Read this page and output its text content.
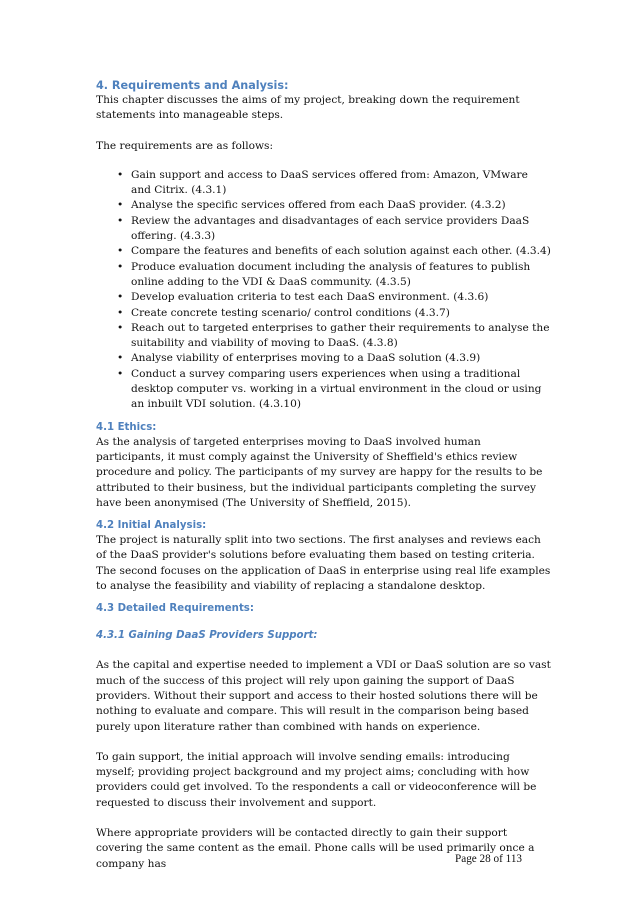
4. Requirements and Analysis:

This chapter discusses the aims of my project, breaking down the requirement statements into manageable steps.

The requirements are as follows:

• Gain support and access to DaaS services offered from: Amazon, VMware and Citrix. (4.3.1)
• Analyse the specific services offered from each DaaS provider. (4.3.2)
• Review the advantages and disadvantages of each service providers DaaS offering. (4.3.3)
• Compare the features and benefits of each solution against each other. (4.3.4)
• Produce evaluation document including the analysis of features to publish online adding to the VDI & DaaS community. (4.3.5)
• Develop evaluation criteria to test each DaaS environment. (4.3.6)
• Create concrete testing scenario/ control conditions (4.3.7)
• Reach out to targeted enterprises to gather their requirements to analyse the suitability and viability of moving to DaaS. (4.3.8)
• Analyse viability of enterprises moving to a DaaS solution (4.3.9)
• Conduct a survey comparing users experiences when using a traditional desktop computer vs. working in a virtual environment in the cloud or using an inbuilt VDI solution. (4.3.10)
4.1 Ethics:

As the analysis of targeted enterprises moving to DaaS involved human participants, it must comply against the University of Sheffield's ethics review procedure and policy. The participants of my survey are happy for the results to be attributed to their business, but the individual participants completing the survey have been anonymised (The University of Sheffield, 2015).

4.2 Initial Analysis:

The project is naturally split into two sections. The first analyses and reviews each of the DaaS provider's solutions before evaluating them based on testing criteria. The second focuses on the application of DaaS in enterprise using real life examples to analyse the feasibility and viability of replacing a standalone desktop.

4.3 Detailed Requirements:
4.3.1 Gaining DaaS Providers Support:

As the capital and expertise needed to implement a VDI or DaaS solution are so vast much of the success of this project will rely upon gaining the support of DaaS providers. Without their support and access to their hosted solutions there will be nothing to evaluate and compare. This will result in the comparison being based purely upon literature rather than combined with hands on experience.

To gain support, the initial approach will involve sending emails: introducing myself; providing project background and my project aims; concluding with how providers could get involved. To the respondents a call or videoconference will be requested to discuss their involvement and support.

Where appropriate providers will be contacted directly to gain their support covering the same content as the email. Phone calls will be used primarily once a company has	Page 28 of 113
